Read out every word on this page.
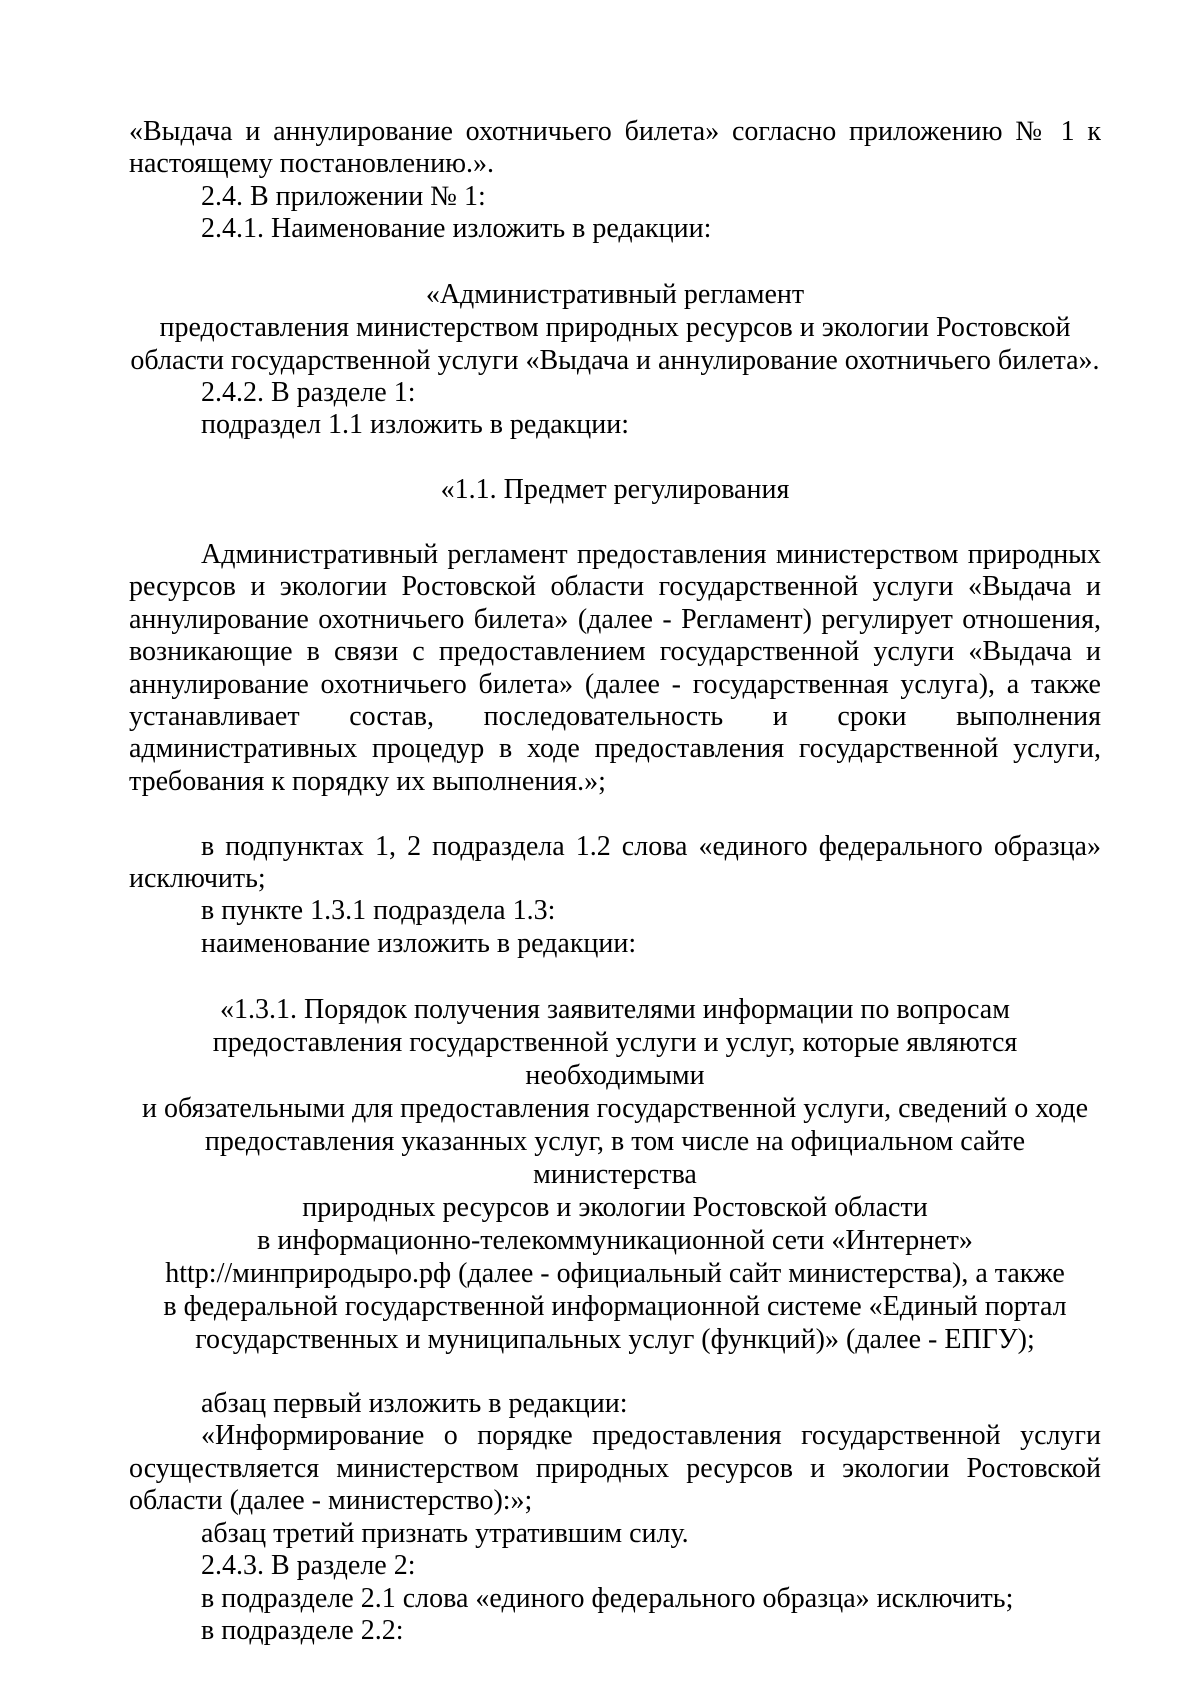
«Выдача и аннулирование охотничьего билета» согласно приложению № 1 к настоящему постановлению.».

2.4. В приложении № 1:

2.4.1. Наименование изложить в редакции:

«Административный регламент

предоставления министерством природных ресурсов и экологии Ростовской

области государственной услуги «Выдача и аннулирование охотничьего билета».

2.4.2. В разделе 1:

подраздел 1.1 изложить в редакции:

«1.1. Предмет регулирования

Административный регламент предоставления министерством природных ресурсов и экологии Ростовской области государственной услуги «Выдача и аннулирование охотничьего билета» (далее - Регламент) регулирует отношения, возникающие в связи с предоставлением государственной услуги «Выдача и аннулирование охотничьего билета» (далее - государственная услуга), а также устанавливает состав, последовательность и сроки выполнения административных процедур в ходе предоставления государственной услуги, требования к порядку их выполнения.»;

в подпунктах 1, 2 подраздела 1.2 слова «единого федерального образца» исключить;

в пункте 1.3.1 подраздела 1.3:

наименование изложить в редакции:

«1.3.1. Порядок получения заявителями информации по вопросам

предоставления государственной услуги и услуг, которые являются необходимыми

и обязательными для предоставления государственной услуги, сведений о ходе

предоставления указанных услуг, в том числе на официальном сайте министерства

природных ресурсов и экологии Ростовской области

в информационно-телекоммуникационной сети «Интернет»

http://минприродыро.рф (далее - официальный сайт министерства), а также

в федеральной государственной информационной системе «Единый портал

государственных и муниципальных услуг (функций)» (далее - ЕПГУ);

абзац первый изложить в редакции:

«Информирование о порядке предоставления государственной услуги осуществляется министерством природных ресурсов и экологии Ростовской области (далее - министерство):»;

абзац третий признать утратившим силу.

2.4.3. В разделе 2:

в подразделе 2.1 слова «единого федерального образца» исключить;

в подразделе 2.2:
